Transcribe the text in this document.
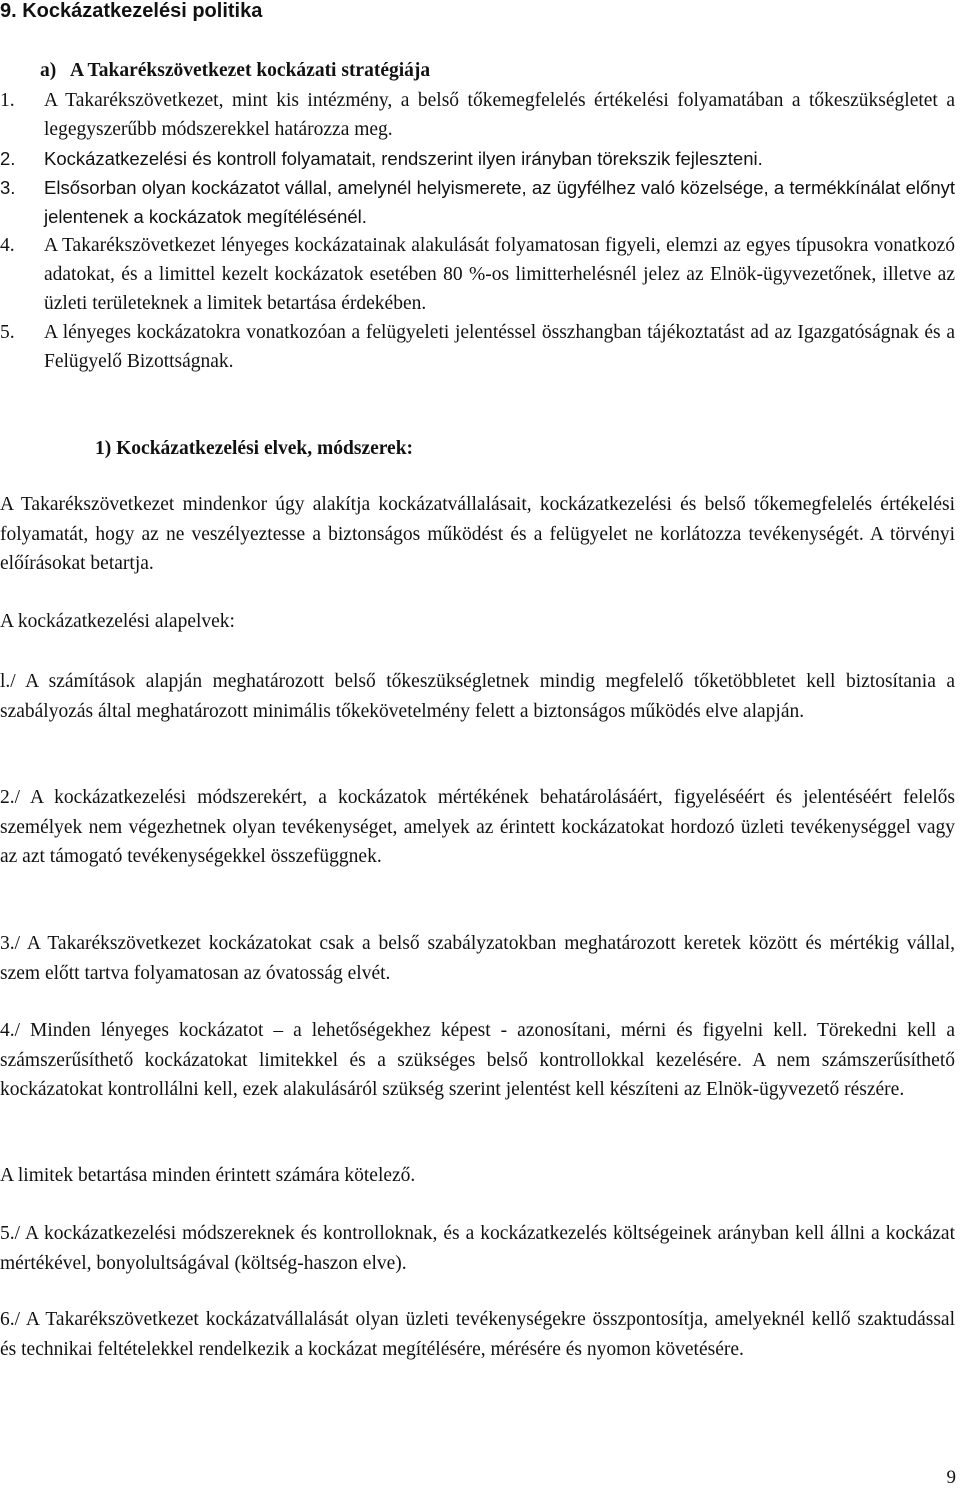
9. Kockázatkezelési politika
a) A Takarékszövetkezet kockázati stratégiája
1. A Takarékszövetkezet, mint kis intézmény, a belső tőkemegfelelés értékelési folyamatában a tőkeszükségletet a legegyszerűbb módszerekkel határozza meg.
2. Kockázatkezelési és kontroll folyamatait, rendszerint ilyen irányban törekszik fejleszteni.
3. Elsősorban olyan kockázatot vállal, amelynél helyismerete, az ügyfélhez való közelsége, a termékkínálat előnyt jelentenek a kockázatok megítélésénél.
4. A Takarékszövetkezet lényeges kockázatainak alakulását folyamatosan figyeli, elemzi az egyes típusokra vonatkozó adatokat, és a limittel kezelt kockázatok esetében 80 %-os limitterhelésnél jelez az Elnök-ügyvezetőnek, illetve az üzleti területeknek a limitek betartása érdekében.
5. A lényeges kockázatokra vonatkozóan a felügyeleti jelentéssel összhangban tájékoztatást ad az Igazgatóságnak és a Felügyelő Bizottságnak.
1) Kockázatkezelési elvek, módszerek:

A Takarékszövetkezet mindenkor úgy alakítja kockázatvállalásait, kockázatkezelési és belső tőkemegfelelés értékelési folyamatát, hogy az ne veszélyeztesse a biztonságos működést és a felügyelet ne korlátozza tevékenységét. A törvényi előírásokat betartja.

A kockázatkezelési alapelvek:

l./ A számítások alapján meghatározott belső tőkeszükségletnek mindig megfelelő tőketöbbletet kell biztosítania a szabályozás által meghatározott minimális tőkekövetelmény felett a biztonságos működés elve alapján.

2./ A kockázatkezelési módszerekért, a kockázatok mértékének behatárolásáért, figyeléséért és jelentéséért felelős személyek nem végezhetnek olyan tevékenységet, amelyek az érintett kockázatokat hordozó üzleti tevékenységgel vagy az azt támogató tevékenységekkel összefüggnek.

3./ A Takarékszövetkezet kockázatokat csak a belső szabályzatokban meghatározott keretek között és mértékig vállal, szem előtt tartva folyamatosan az óvatosság elvét.

4./ Minden lényeges kockázatot – a lehetőségekhez képest - azonosítani, mérni és figyelni kell. Törekedni kell a számszerűsíthető kockázatokat limitekkel és a szükséges belső kontrollokkal kezelésére. A nem számszerűsíthető kockázatokat kontrollálni kell, ezek alakulásáról szükség szerint jelentést kell készíteni az Elnök-ügyvezető részére.

A limitek betartása minden érintett számára kötelező.

5./ A kockázatkezelési módszereknek és kontrolloknak, és a kockázatkezelés költségeinek arányban kell állni a kockázat mértékével, bonyolultságával (költség-haszon elve).

6./ A Takarékszövetkezet kockázatvállalását olyan üzleti tevékenységekre összpontosítja, amelyeknél kellő szaktudással és technikai feltételekkel rendelkezik a kockázat megítélésére, mérésére és nyomon követésére.

9
